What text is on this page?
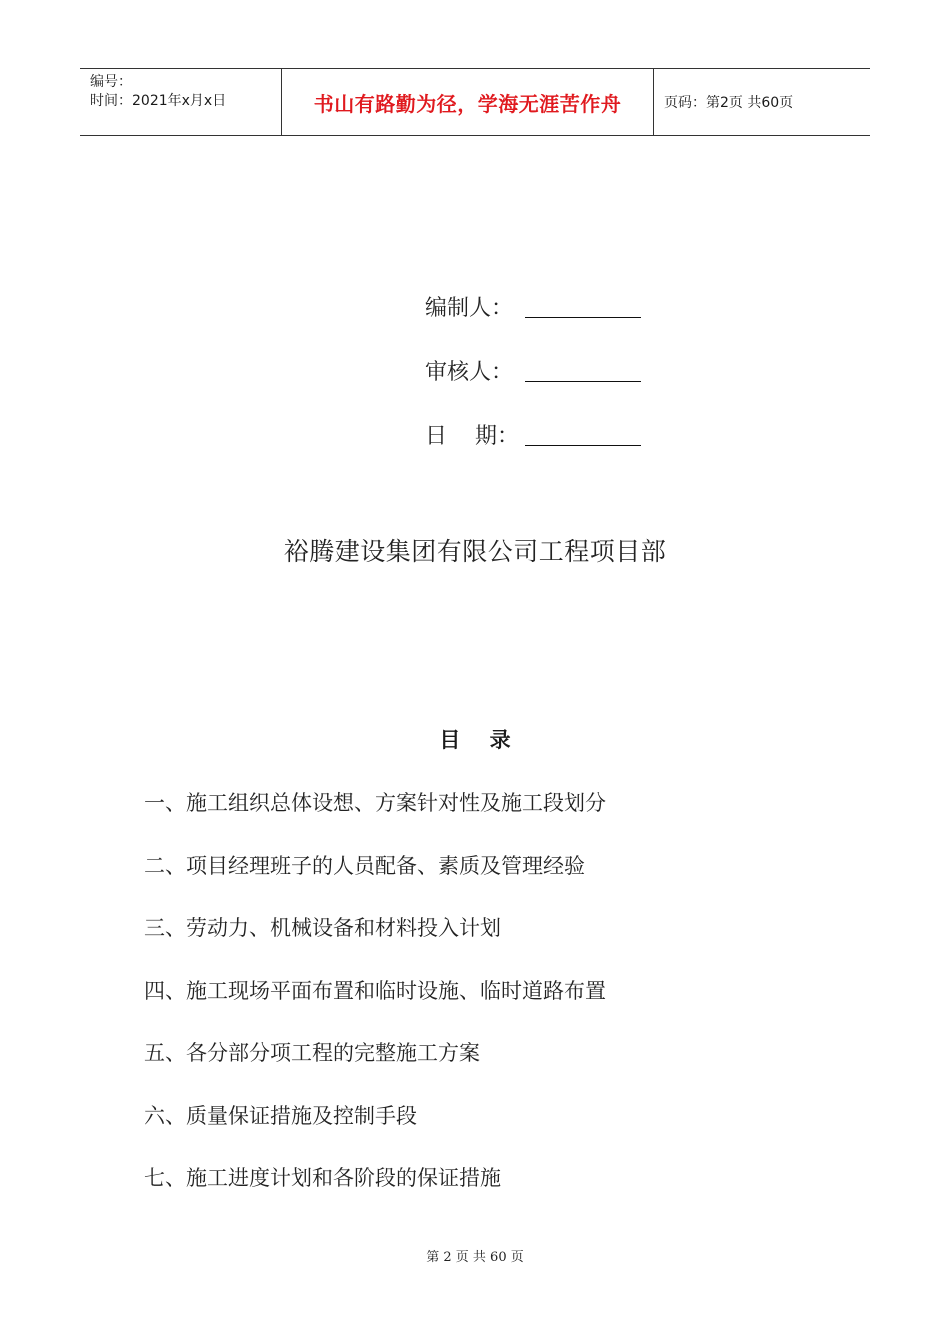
编号：
时间：2021年x月x日	书山有路勤为径，学海无涯苦作舟	页码：第2页 共60页
编制人：
审核人：
日    期：
裕腾建设集团有限公司工程项目部
目    录
一、施工组织总体设想、方案针对性及施工段划分
二、项目经理班子的人员配备、素质及管理经验
三、劳动力、机械设备和材料投入计划
四、施工现场平面布置和临时设施、临时道路布置
五、各分部分项工程的完整施工方案
六、质量保证措施及控制手段
七、施工进度计划和各阶段的保证措施
第 2 页 共 60 页
